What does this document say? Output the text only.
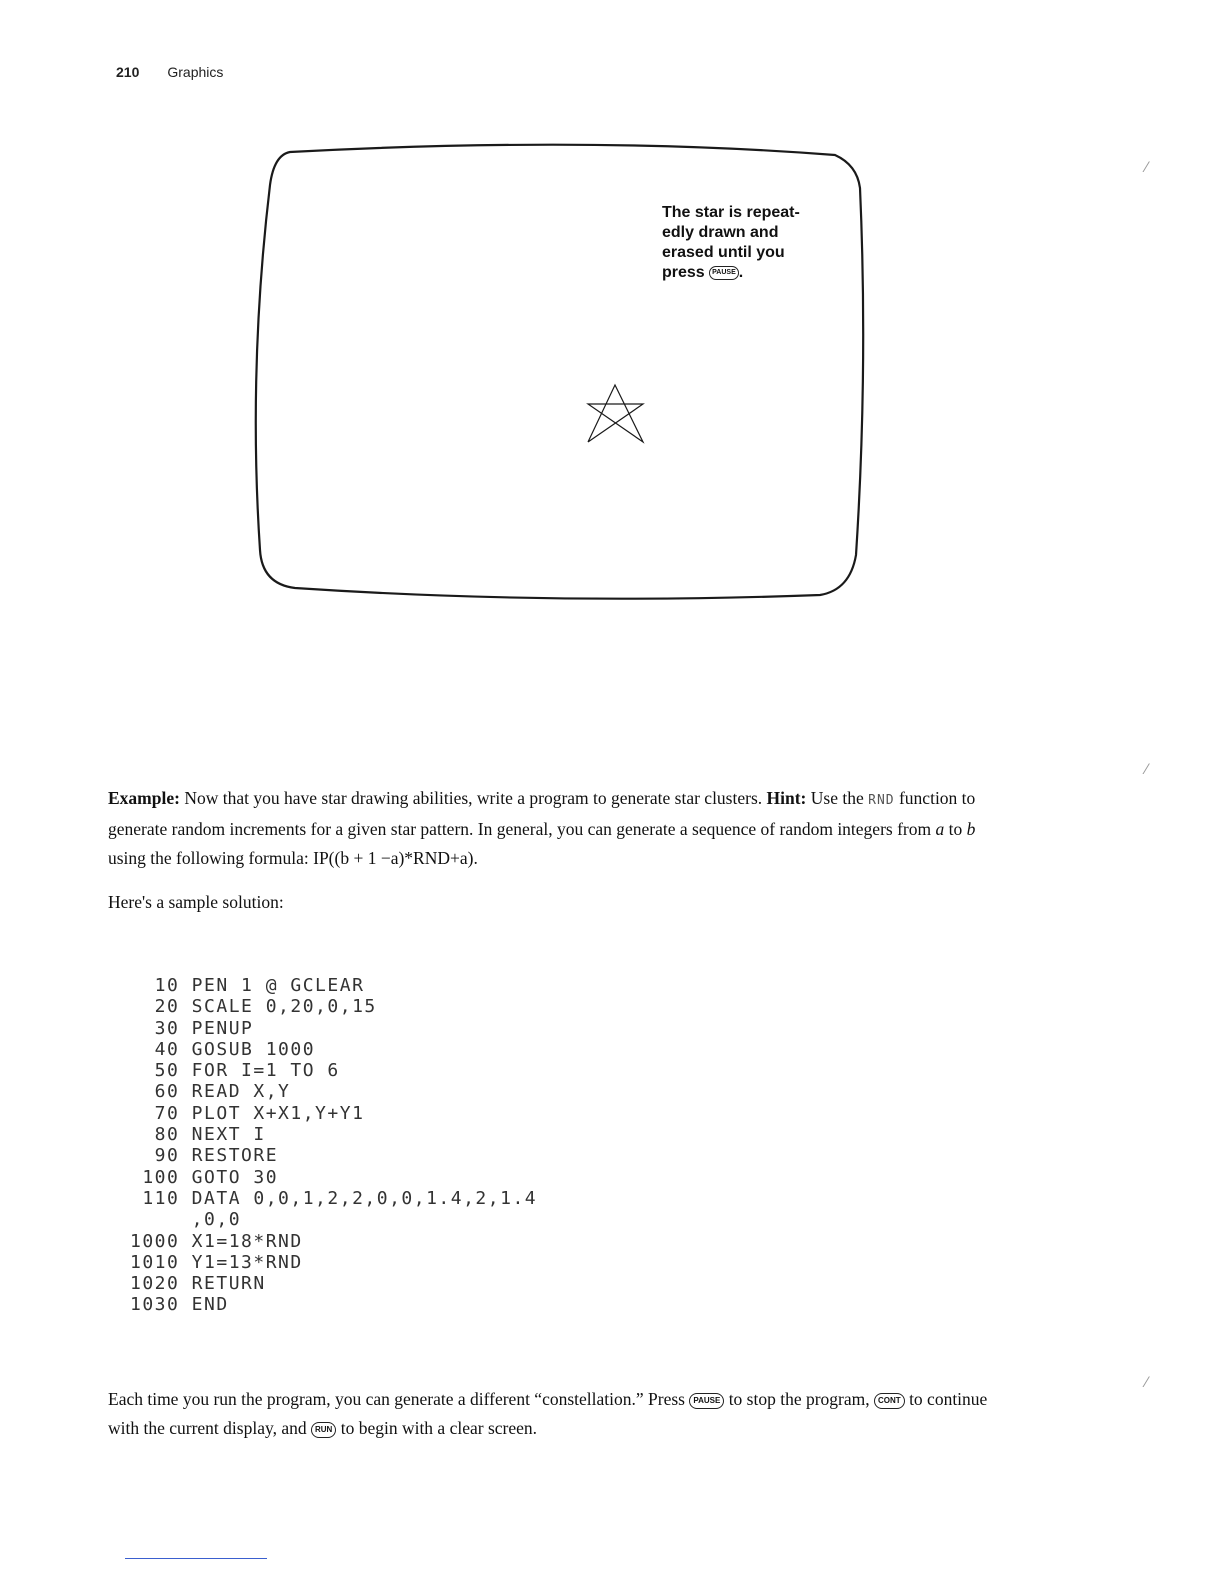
210 Graphics
The star is repeat-edly drawn and erased until you press PAUSE .
Example: Now that you have star drawing abilities, write a program to generate star clusters. Hint: Use the RND function to generate random increments for a given star pattern. In general, you can generate a sequence of random integers from a to b using the following formula: IP((b + 1 −a)*RND+a).
Here's a sample solution:
10 PEN 1 @ GCLEAR
20 SCALE 0,20,0,15
30 PENUP
40 GOSUB 1000
50 FOR I=1 TO 6
60 READ X,Y
70 PLOT X+X1,Y+Y1
80 NEXT I
90 RESTORE
100 GOTO 30
110 DATA 0,0,1,2,2,0,0,1.4,2,1.4
,0,0
1000 X1=18*RND
1010 Y1=13*RND
1020 RETURN
1030 END
Each time you run the program, you can generate a different “constellation.” Press PAUSE to stop the program, CONT to continue with the current display, and RUN to begin with a clear screen.
⁄
⁄
⁄
